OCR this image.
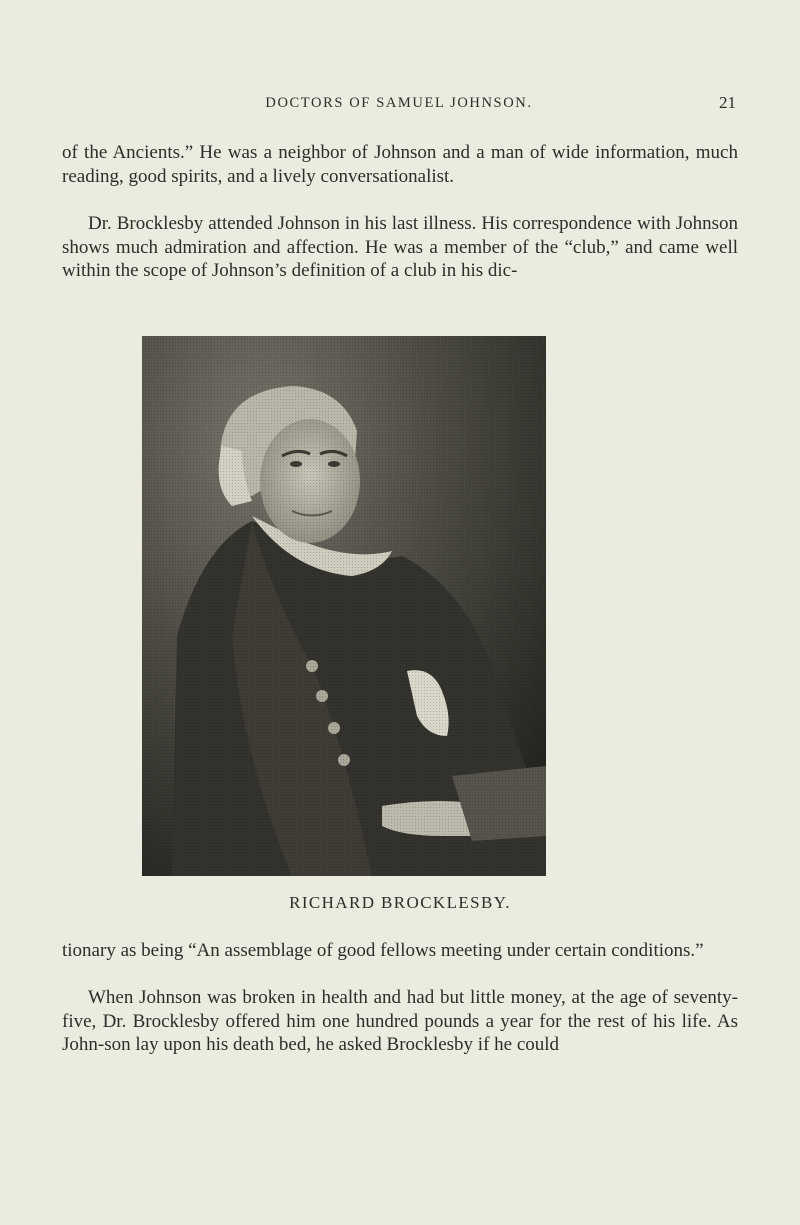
DOCTORS OF SAMUEL JOHNSON.	21

of the Ancients.” He was a neighbor of Johnson and a man of wide information, much reading, good spirits, and a lively conversationalist.

Dr. Brocklesby attended Johnson in his last illness. His correspondence with Johnson shows much admiration and affection. He was a member of the “club,” and came well within the scope of Johnson’s definition of a club in his dic-

RICHARD BROCKLESBY.

tionary as being “An assemblage of good fellows meeting under certain conditions.”

When Johnson was broken in health and had but little money, at the age of seventy-five, Dr. Brocklesby offered him one hundred pounds a year for the rest of his life. As John-son lay upon his death bed, he asked Brocklesby if he could
